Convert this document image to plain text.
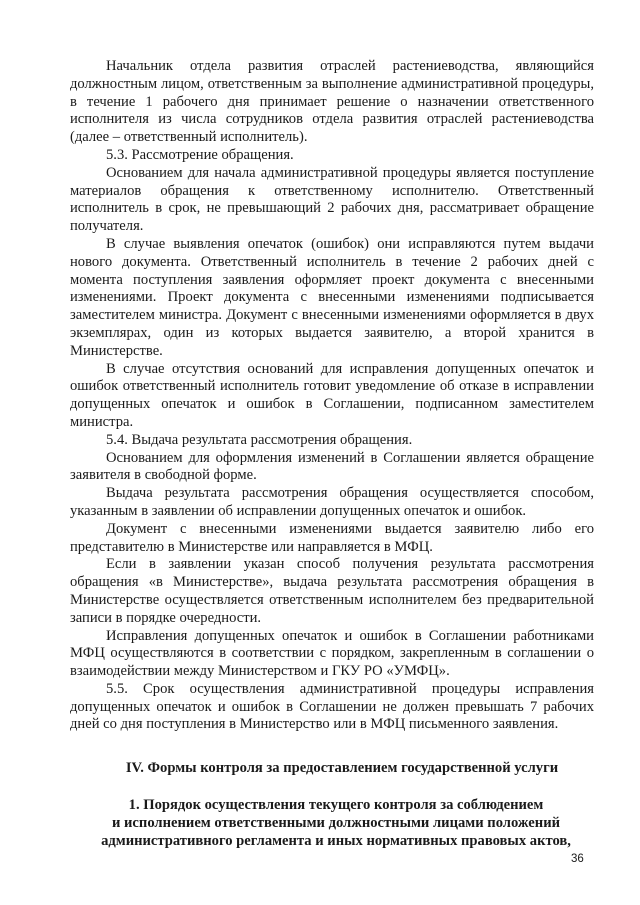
Начальник отдела развития отраслей растениеводства, являющийся должностным лицом, ответственным за выполнение административной процедуры, в течение 1 рабочего дня принимает решение о назначении ответственного исполнителя из числа сотрудников отдела развития отраслей растениеводства (далее – ответственный исполнитель).

5.3. Рассмотрение обращения.

Основанием для начала административной процедуры является поступление материалов обращения к ответственному исполнителю. Ответственный исполнитель в срок, не превышающий 2 рабочих дня, рассматривает обращение получателя.

В случае выявления опечаток (ошибок) они исправляются путем выдачи нового документа. Ответственный исполнитель в течение 2 рабочих дней с момента поступления заявления оформляет проект документа с внесенными изменениями. Проект документа с внесенными изменениями подписывается заместителем министра. Документ с внесенными изменениями оформляется в двух экземплярах, один из которых выдается заявителю, а второй хранится в Министерстве.

В случае отсутствия оснований для исправления допущенных опечаток и ошибок ответственный исполнитель готовит уведомление об отказе в исправлении допущенных опечаток и ошибок в Соглашении, подписанном заместителем министра.

5.4. Выдача результата рассмотрения обращения.

Основанием для оформления изменений в Соглашении является обращение заявителя в свободной форме.

Выдача результата рассмотрения обращения осуществляется способом, указанным в заявлении об исправлении допущенных опечаток и ошибок.

Документ с внесенными изменениями выдается заявителю либо его представителю в Министерстве или направляется в МФЦ.

Если в заявлении указан способ получения результата рассмотрения обращения «в Министерстве», выдача результата рассмотрения обращения в Министерстве осуществляется ответственным исполнителем без предварительной записи в порядке очередности.

Исправления допущенных опечаток и ошибок в Соглашении работниками МФЦ осуществляются в соответствии с порядком, закрепленным в соглашении о взаимодействии между Министерством и ГКУ РО «УМФЦ».

5.5. Срок осуществления административной процедуры исправления допущенных опечаток и ошибок в Соглашении не должен превышать 7 рабочих дней со дня поступления в Министерство или в МФЦ письменного заявления.

IV. Формы контроля за предоставлением государственной услуги
1. Порядок осуществления текущего контроля за соблюдением
и исполнением ответственными должностными лицами положений
административного регламента и иных нормативных правовых актов,
36
